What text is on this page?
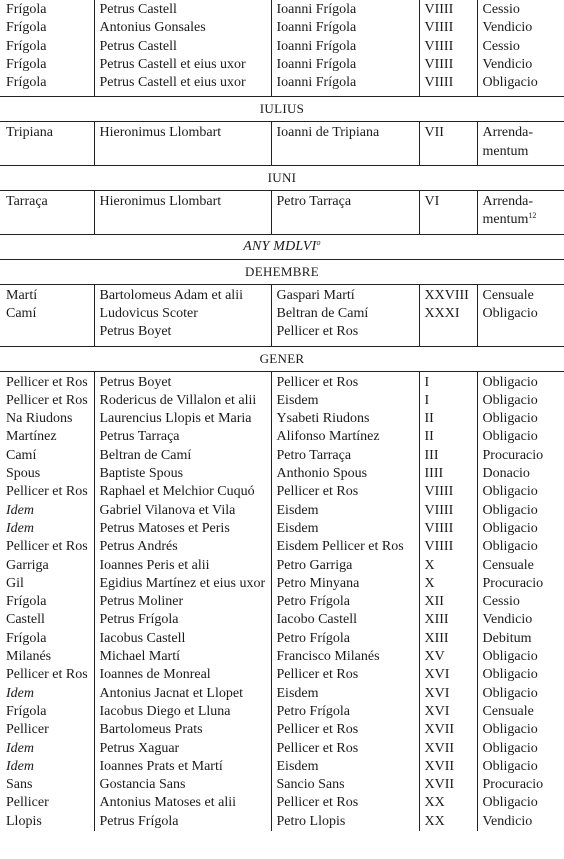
Frígola	Petrus Castell	Ioanni Frígola	VIIII	Cessio
Frígola	Antonius Gonsales	Ioanni Frígola	VIIII	Vendicio
Frígola	Petrus Castell	Ioanni Frígola	VIIII	Cessio
Frígola	Petrus Castell et eius uxor	Ioanni Frígola	VIIII	Vendicio
Frígola	Petrus Castell et eius uxor	Ioanni Frígola	VIIII	Obligacio
IULIUS				
Tripiana	Hieronimus Llombart	Ioanni de Tripiana	VII	Arrenda-
mentum
IUNI				
Tarraça	Hieronimus Llombart	Petro Tarraça	VI	Arrenda-
mentum$^{12}$
ANY MDLVI$^o$
DEHEMBRE				
Martí	Bartolomeus Adam et alii	Gaspari Martí	XXVIII	Censuale
Camí	Ludovicus Scoter	Beltran de Camí	XXXI	Obligacio
	Petrus Boyet	Pellicer et Ros		
GENER				
Pellicer et Ros	Petrus Boyet	Pellicer et Ros	I	Obligacio
Pellicer et Ros	Rodericus de Villalon et alii	Eisdem	I	Obligacio
Na Riudons	Laurencius Llopis et Maria	Ysabeti Riudons	II	Obligacio
Martínez	Petrus Tarraça	Alifonso Martínez	II	Obligacio
Camí	Beltran de Camí	Petro Tarraça	III	Procuracio
Spous	Baptiste Spous	Anthonio Spous	IIII	Donacio
Pellicer et Ros	Raphael et Melchior Cuquó	Pellicer et Ros	VIIII	Obligacio
Idem	Gabriel Vilanova et Vila	Eisdem	VIIII	Obligacio
Idem	Petrus Matoses et Peris	Eisdem	VIIII	Obligacio
Pellicer et Ros	Petrus Andrés	Eisdem Pellicer et Ros	VIIII	Obligacio
Garriga	Ioannes Peris et alii	Petro Garriga	X	Censuale
Gil	Egidius Martínez et eius uxor	Petro Minyana	X	Procuracio
Frígola	Petrus Moliner	Petro Frígola	XII	Cessio
Castell	Petrus Frígola	Iacobo Castell	XIII	Vendicio
Frígola	Iacobus Castell	Petro Frígola	XIII	Debitum
Milanés	Michael Martí	Francisco Milanés	XV	Obligacio
Pellicer et Ros	Ioannes de Monreal	Pellicer et Ros	XVI	Obligacio
Idem	Antonius Jacnat et Llopet	Eisdem	XVI	Obligacio
Frígola	Iacobus Diego et Lluna	Petro Frígola	XVI	Censuale
Pellicer	Bartolomeus Prats	Pellicer et Ros	XVII	Obligacio
Idem	Petrus Xaguar	Pellicer et Ros	XVII	Obligacio
Idem	Ioannes Prats et Martí	Eisdem	XVII	Obligacio
Sans	Gostancia Sans	Sancio Sans	XVII	Procuracio
Pellicer	Antonius Matoses et alii	Pellicer et Ros	XX	Obligacio
Llopis	Petrus Frígola	Petro Llopis	XX	Vendicio
